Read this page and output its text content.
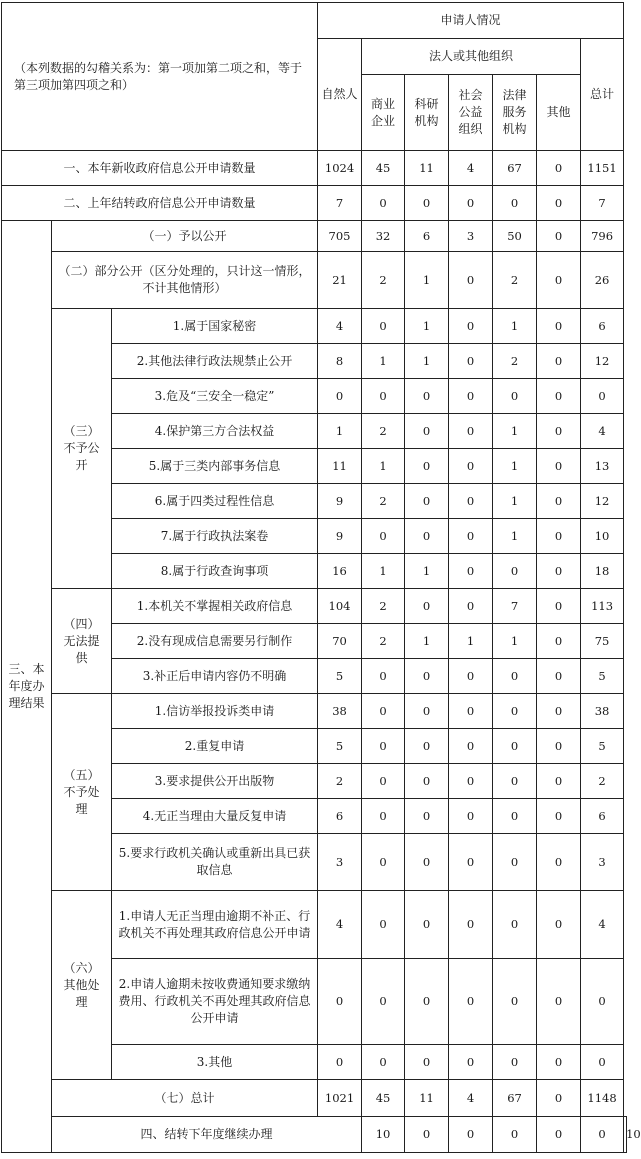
（本列数据的勾稽关系为：第一项加第二项之和，等于第三项加第四项之和）			申请人情况							
			自然人	法人或其他组织					总计	
				商业企业	科研机构	社会公益组织	法律服务机构	其他		
一、本年新收政府信息公开申请数量			1024	45	11	4	67	0	1151	
二、上年结转政府信息公开申请数量			7	0	0	0	0	0	7	
三、本年度办理结果	（一）予以公开		705	32	6	3	50	0	796	
	（二）部分公开（区分处理的，只计这一情形，不计其他情形）		21	2	1	0	2	0	26	
	（三）不予公开	1.属于国家秘密	4	0	1	0	1	0	6	
		2.其他法律行政法规禁止公开	8	1	1	0	2	0	12	
		3.危及“三安全一稳定”	0	0	0	0	0	0	0	
		4.保护第三方合法权益	1	2	0	0	1	0	4	
		5.属于三类内部事务信息	11	1	0	0	1	0	13	
		6.属于四类过程性信息	9	2	0	0	1	0	12	
		7.属于行政执法案卷	9	0	0	0	1	0	10	
		8.属于行政查询事项	16	1	1	0	0	0	18	
	（四）无法提供	1.本机关不掌握相关政府信息	104	2	0	0	7	0	113	
		2.没有现成信息需要另行制作	70	2	1	1	1	0	75	
		3.补正后申请内容仍不明确	5	0	0	0	0	0	5	
	（五）不予处理	1.信访举报投诉类申请	38	0	0	0	0	0	38	
		2.重复申请	5	0	0	0	0	0	5	
		3.要求提供公开出版物	2	0	0	0	0	0	2	
		4.无正当理由大量反复申请	6	0	0	0	0	0	6	
		5.要求行政机关确认或重新出具已获取信息	3	0	0	0	0	0	3	
	（六）其他处理	1.申请人无正当理由逾期不补正、行政机关不再处理其政府信息公开申请	4	0	0	0	0	0	4	
		2.申请人逾期未按收费通知要求缴纳费用、行政机关不再处理其政府信息公开申请	0	0	0	0	0	0	0	
		3.其他	0	0	0	0	0	0	0	
	（七）总计		1021	45	11	4	67	0	1148	
	四、结转下年度继续办理			10	0	0	0	0	0	10
